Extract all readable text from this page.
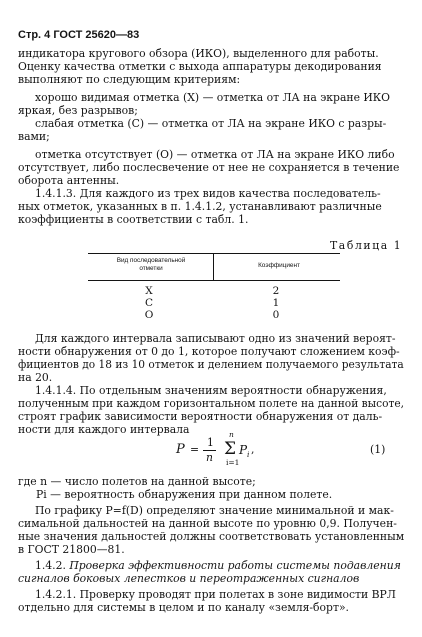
Стр. 4 ГОСТ 25620—83
индикатора кругового обзора (ИКО), выделенного для работы.
Оценку качества отметки с выхода аппаратуры декодирования
выполняют по следующим критериям:
хорошо видимая отметка (Х) — отметка от ЛА на экране ИКО
яркая, без разрывов;
слабая отметка (С) — отметка от ЛА на экране ИКО с разры-
вами;
отметка отсутствует (О) — отметка от ЛА на экране ИКО либо
отсутствует, либо послесвечение от нее не сохраняется в течение
оборота антенны.
1.4.1.3. Для каждого из трех видов качества последователь-
ных отметок, указанных в п. 1.4.1.2, устанавливают различные
коэффициенты в соответствии с табл. 1.
Таблица 1
Вид последовательной
отметки	Коэффициент
Х
С
О
2
1
0
Для каждого интервала записывают одно из значений вероят-
ности обнаружения от 0 до 1, которое получают сложением коэф-
фициентов до 18 из 10 отметок и делением получаемого результата
на 20.
1.4.1.4. По отдельным значениям вероятности обнаружения,
полученным при каждом горизонтальном полете на данной высоте,
строят график зависимости вероятности обнаружения от даль-
ности для каждого интервала
P =
1
n
n
Σ
i=1
P i ,	(1)
где n — число полетов на данной высоте;
Pi — вероятность обнаружения при данном полете.
По графику P=f(D) определяют значение минимальной и мак-
симальной дальностей на данной высоте по уровню 0,9. Получен-
ные значения дальностей должны соответствовать установленным
в ГОСТ 21800—81.
1.4.2. Проверка эффективности работы системы подавления
сигналов боковых лепестков и переотраженных сигналов
1.4.2.1. Проверку проводят при полетах в зоне видимости ВРЛ
отдельно для системы в целом и по каналу «земля-борт».
